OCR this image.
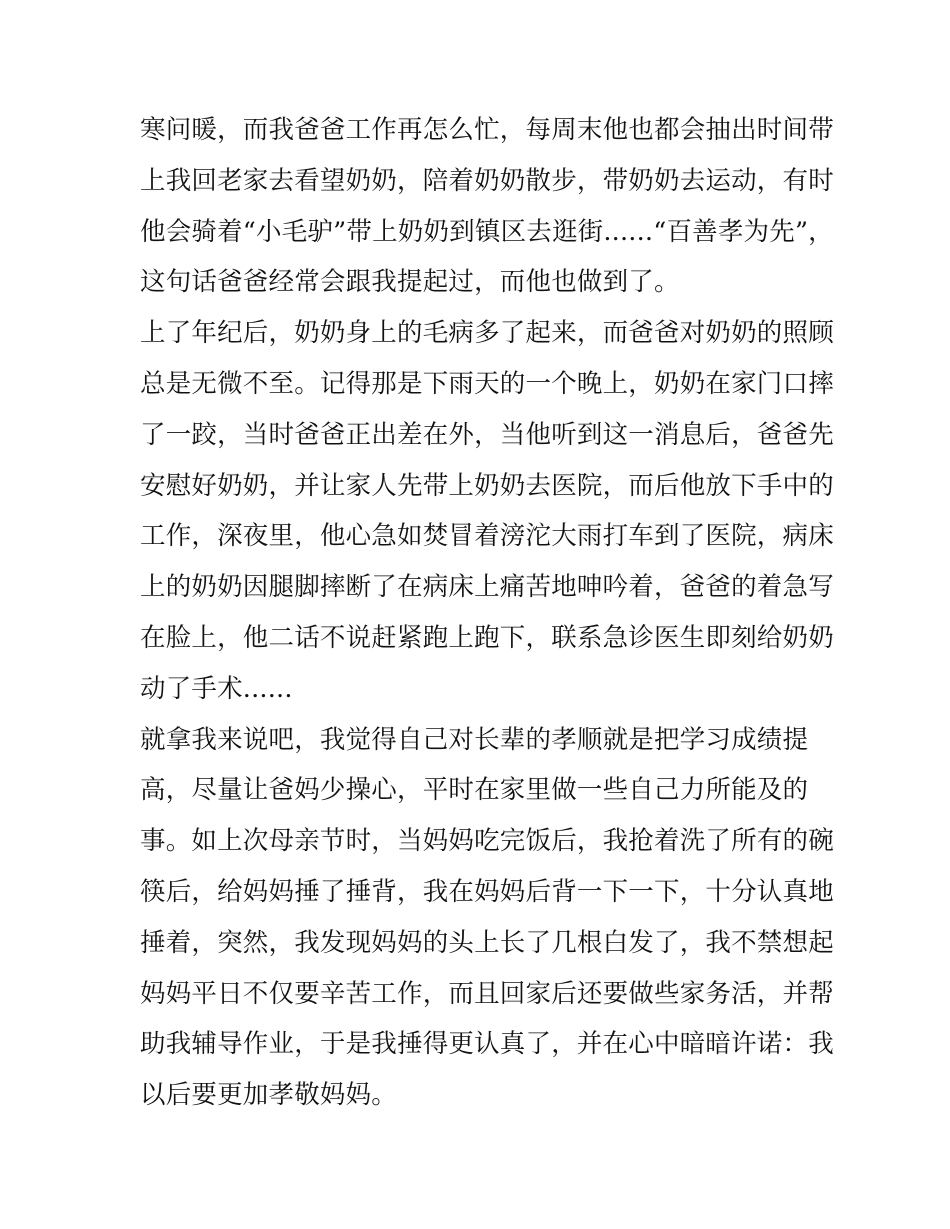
寒问暖，而我爸爸工作再怎么忙，每周末他也都会抽出时间带
上我回老家去看望奶奶，陪着奶奶散步，带奶奶去运动，有时
他会骑着“小毛驴”带上奶奶到镇区去逛街......“百善孝为先”，
这句话爸爸经常会跟我提起过，而他也做到了。
上了年纪后，奶奶身上的毛病多了起来，而爸爸对奶奶的照顾
总是无微不至。记得那是下雨天的一个晚上，奶奶在家门口摔
了一跤，当时爸爸正出差在外，当他听到这一消息后，爸爸先
安慰好奶奶，并让家人先带上奶奶去医院，而后他放下手中的
工作，深夜里，他心急如焚冒着滂沱大雨打车到了医院，病床
上的奶奶因腿脚摔断了在病床上痛苦地呻吟着，爸爸的着急写
在脸上，他二话不说赶紧跑上跑下，联系急诊医生即刻给奶奶
动了手术......
就拿我来说吧，我觉得自己对长辈的孝顺就是把学习成绩提
高，尽量让爸妈少操心，平时在家里做一些自己力所能及的
事。如上次母亲节时，当妈妈吃完饭后，我抢着洗了所有的碗
筷后，给妈妈捶了捶背，我在妈妈后背一下一下，十分认真地
捶着，突然，我发现妈妈的头上长了几根白发了，我不禁想起
妈妈平日不仅要辛苦工作，而且回家后还要做些家务活，并帮
助我辅导作业，于是我捶得更认真了，并在心中暗暗许诺：我
以后要更加孝敬妈妈。
